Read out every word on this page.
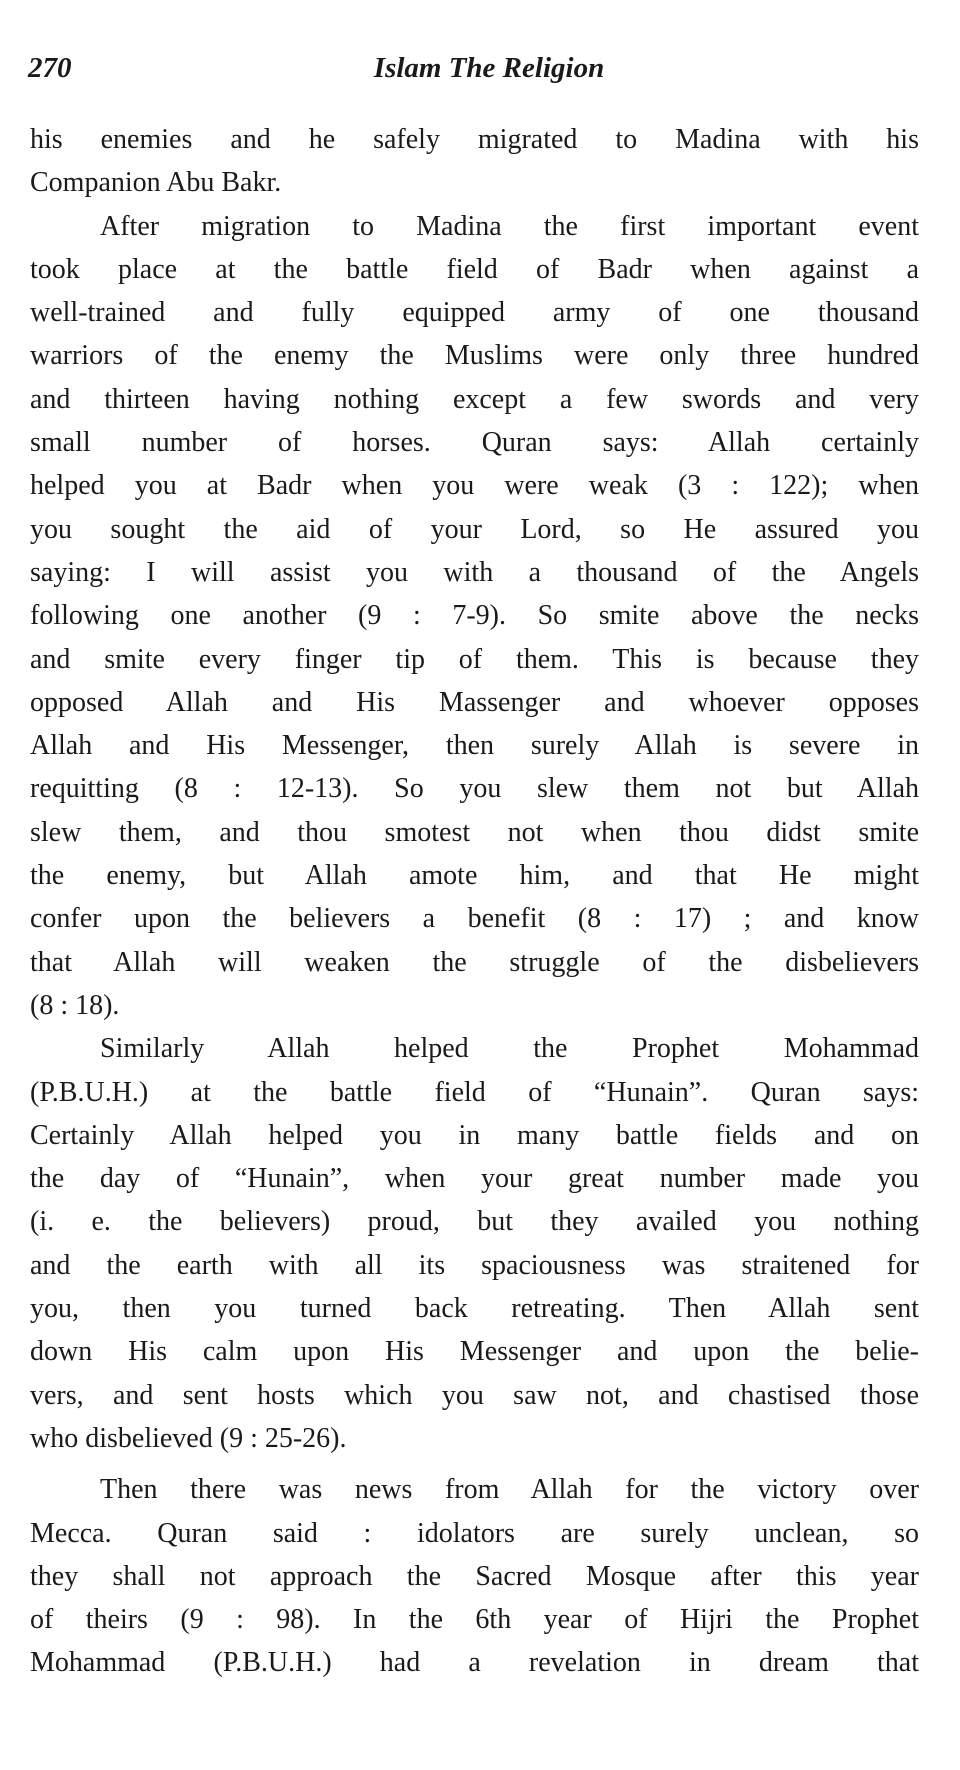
270	Islam The Religion
his enemies and he safely migrated to Madina with his
Companion Abu Bakr.
After migration to Madina the first important event
took place at the battle field of Badr when against a
well-trained and fully equipped army of one thousand
warriors of the enemy the Muslims were only three hundred
and thirteen having nothing except a few swords and very
small number of horses. Quran says: Allah certainly
helped you at Badr when you were weak (3 : 122); when
you sought the aid of your Lord, so He assured you
saying: I will assist you with a thousand of the Angels
following one another (9 : 7-9). So smite above the necks
and smite every finger tip of them. This is because they
opposed Allah and His Massenger and whoever opposes
Allah and His Messenger, then surely Allah is severe in
requitting (8 : 12-13). So you slew them not but Allah
slew them, and thou smotest not when thou didst smite
the enemy, but Allah amote him, and that He might
confer upon the believers a benefit (8 : 17) ; and know
that Allah will weaken the struggle of the disbelievers
(8 : 18).
Similarly Allah helped the Prophet Mohammad
(P.B.U.H.) at the battle field of “Hunain”. Quran says:
Certainly Allah helped you in many battle fields and on
the day of “Hunain”, when your great number made you
(i. e. the believers) proud, but they availed you nothing
and the earth with all its spaciousness was straitened for
you, then you turned back retreating. Then Allah sent
down His calm upon His Messenger and upon the belie-
vers, and sent hosts which you saw not, and chastised those
who disbelieved (9 : 25-26).
Then there was news from Allah for the victory over
Mecca. Quran said : idolators are surely unclean, so
they shall not approach the Sacred Mosque after this year
of theirs (9 : 98). In the 6th year of Hijri the Prophet
Mohammad (P.B.U.H.) had a revelation in dream that
